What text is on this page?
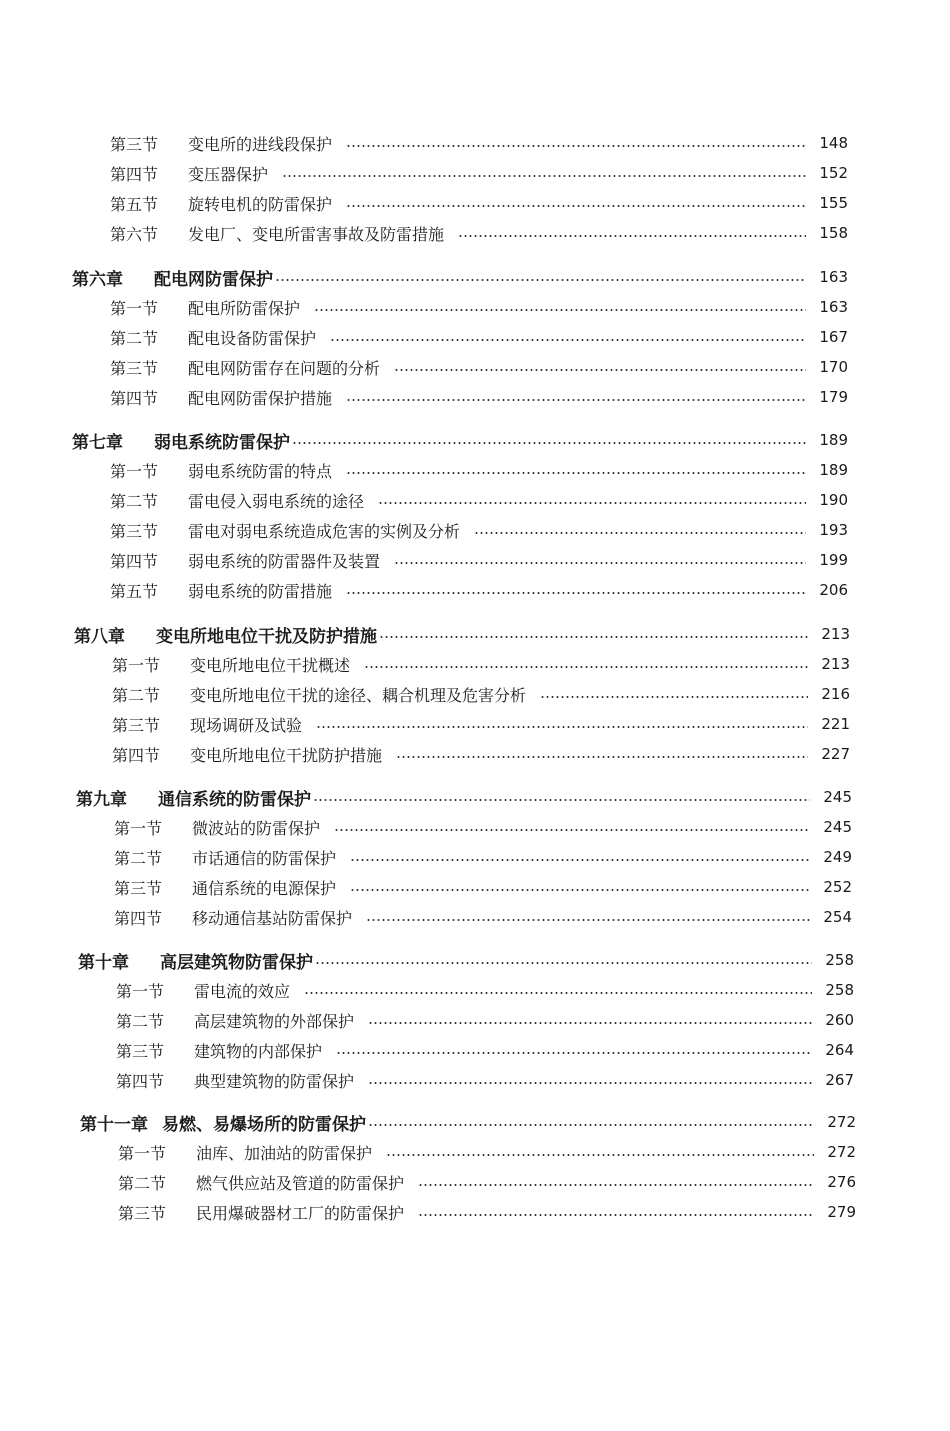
第三节	变电所的进线段保护	148
第四节	变压器保护	152
第五节	旋转电机的防雷保护	155
第六节	发电厂、变电所雷害事故及防雷措施	158
第六章	配电网防雷保护	163
第一节	配电所防雷保护	163
第二节	配电设备防雷保护	167
第三节	配电网防雷存在问题的分析	170
第四节	配电网防雷保护措施	179
第七章	弱电系统防雷保护	189
第一节	弱电系统防雷的特点	189
第二节	雷电侵入弱电系统的途径	190
第三节	雷电对弱电系统造成危害的实例及分析	193
第四节	弱电系统的防雷器件及装置	199
第五节	弱电系统的防雷措施	206
第八章	变电所地电位干扰及防护措施	213
第一节	变电所地电位干扰概述	213
第二节	变电所地电位干扰的途径、耦合机理及危害分析	216
第三节	现场调研及试验	221
第四节	变电所地电位干扰防护措施	227
第九章	通信系统的防雷保护	245
第一节	微波站的防雷保护	245
第二节	市话通信的防雷保护	249
第三节	通信系统的电源保护	252
第四节	移动通信基站防雷保护	254
第十章	高层建筑物防雷保护	258
第一节	雷电流的效应	258
第二节	高层建筑物的外部保护	260
第三节	建筑物的内部保护	264
第四节	典型建筑物的防雷保护	267
第十一章 易燃、易爆场所的防雷保护	272
第一节	油库、加油站的防雷保护	272
第二节	燃气供应站及管道的防雷保护	276
第三节	民用爆破器材工厂的防雷保护	279
